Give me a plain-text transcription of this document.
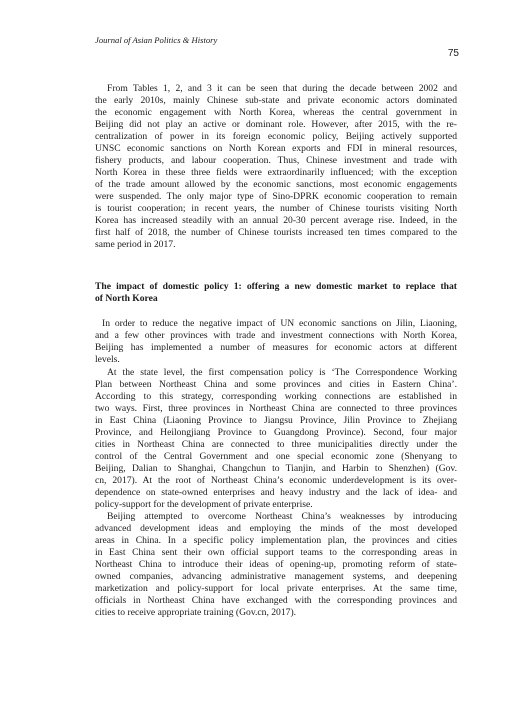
Journal of Asian Politics & History
75
From Tables 1, 2, and 3 it can be seen that during the decade between 2002 and
the early 2010s, mainly Chinese sub-state and private economic actors dominated
the economic engagement with North Korea, whereas the central government in
Beijing did not play an active or dominant role. However, after 2015, with the re-
centralization of power in its foreign economic policy, Beijing actively supported
UNSC economic sanctions on North Korean exports and FDI in mineral resources,
fishery products, and labour cooperation. Thus, Chinese investment and trade with
North Korea in these three fields were extraordinarily influenced; with the exception
of the trade amount allowed by the economic sanctions, most economic engagements
were suspended. The only major type of Sino-DPRK economic cooperation to remain
is tourist cooperation; in recent years, the number of Chinese tourists visiting North
Korea has increased steadily with an annual 20-30 percent average rise. Indeed, in the
first half of 2018, the number of Chinese tourists increased ten times compared to the
same period in 2017.
The impact of domestic policy 1: offering a new domestic market to replace that
of North Korea
In order to reduce the negative impact of UN economic sanctions on Jilin, Liaoning,
and a few other provinces with trade and investment connections with North Korea,
Beijing has implemented a number of measures for economic actors at different
levels.
At the state level, the first compensation policy is ‘The Correspondence Working
Plan between Northeast China and some provinces and cities in Eastern China’.
According to this strategy, corresponding working connections are established in
two ways. First, three provinces in Northeast China are connected to three provinces
in East China (Liaoning Province to Jiangsu Province, Jilin Province to Zhejiang
Province, and Heilongjiang Province to Guangdong Province). Second, four major
cities in Northeast China are connected to three municipalities directly under the
control of the Central Government and one special economic zone (Shenyang to
Beijing, Dalian to Shanghai, Changchun to Tianjin, and Harbin to Shenzhen) (Gov.
cn, 2017). At the root of Northeast China’s economic underdevelopment is its over-
dependence on state-owned enterprises and heavy industry and the lack of idea- and
policy-support for the development of private enterprise.
Beijing attempted to overcome Northeast China’s weaknesses by introducing
advanced development ideas and employing the minds of the most developed
areas in China. In a specific policy implementation plan, the provinces and cities
in East China sent their own official support teams to the corresponding areas in
Northeast China to introduce their ideas of opening-up, promoting reform of state-
owned companies, advancing administrative management systems, and deepening
marketization and policy-support for local private enterprises. At the same time,
officials in Northeast China have exchanged with the corresponding provinces and
cities to receive appropriate training (Gov.cn, 2017).
